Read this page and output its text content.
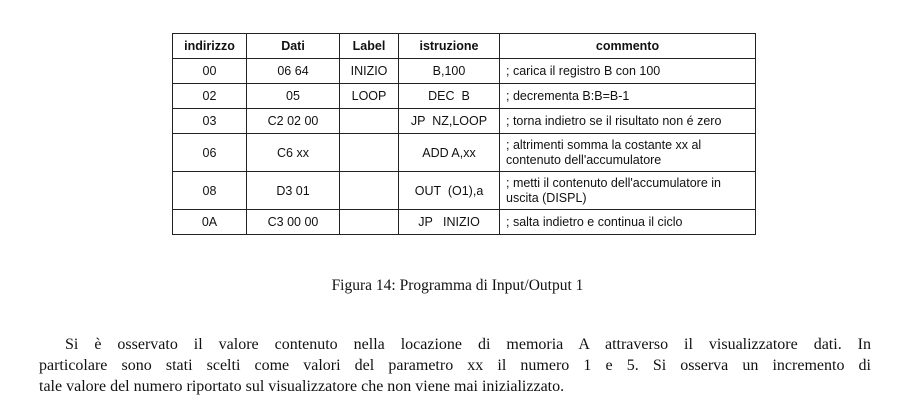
indirizzo	Dati	Label	istruzione	commento
00	06 64	INIZIO	B,100	; carica il registro B con 100
02	05	LOOP	DEC  B	; decrementa B:B=B-1
03	C2 02 00		JP  NZ,LOOP	; torna indietro se il risultato non é zero
06	C6 xx		ADD A,xx	; altrimenti somma la costante xx al contenuto dell'accumulatore
08	D3 01		OUT  (O1),a	; metti il contenuto dell'accumulatore in uscita (DISPL)
0A	C3 00 00		JP   INIZIO	; salta indietro e continua il ciclo
Figura 14: Programma di Input/Output 1
Si è osservato il valore contenuto nella locazione di memoria A attraverso il visualizzatore dati. In
particolare sono stati scelti come valori del parametro xx il numero 1 e 5. Si osserva un incremento di
tale valore del numero riportato sul visualizzatore che non viene mai inizializzato.
